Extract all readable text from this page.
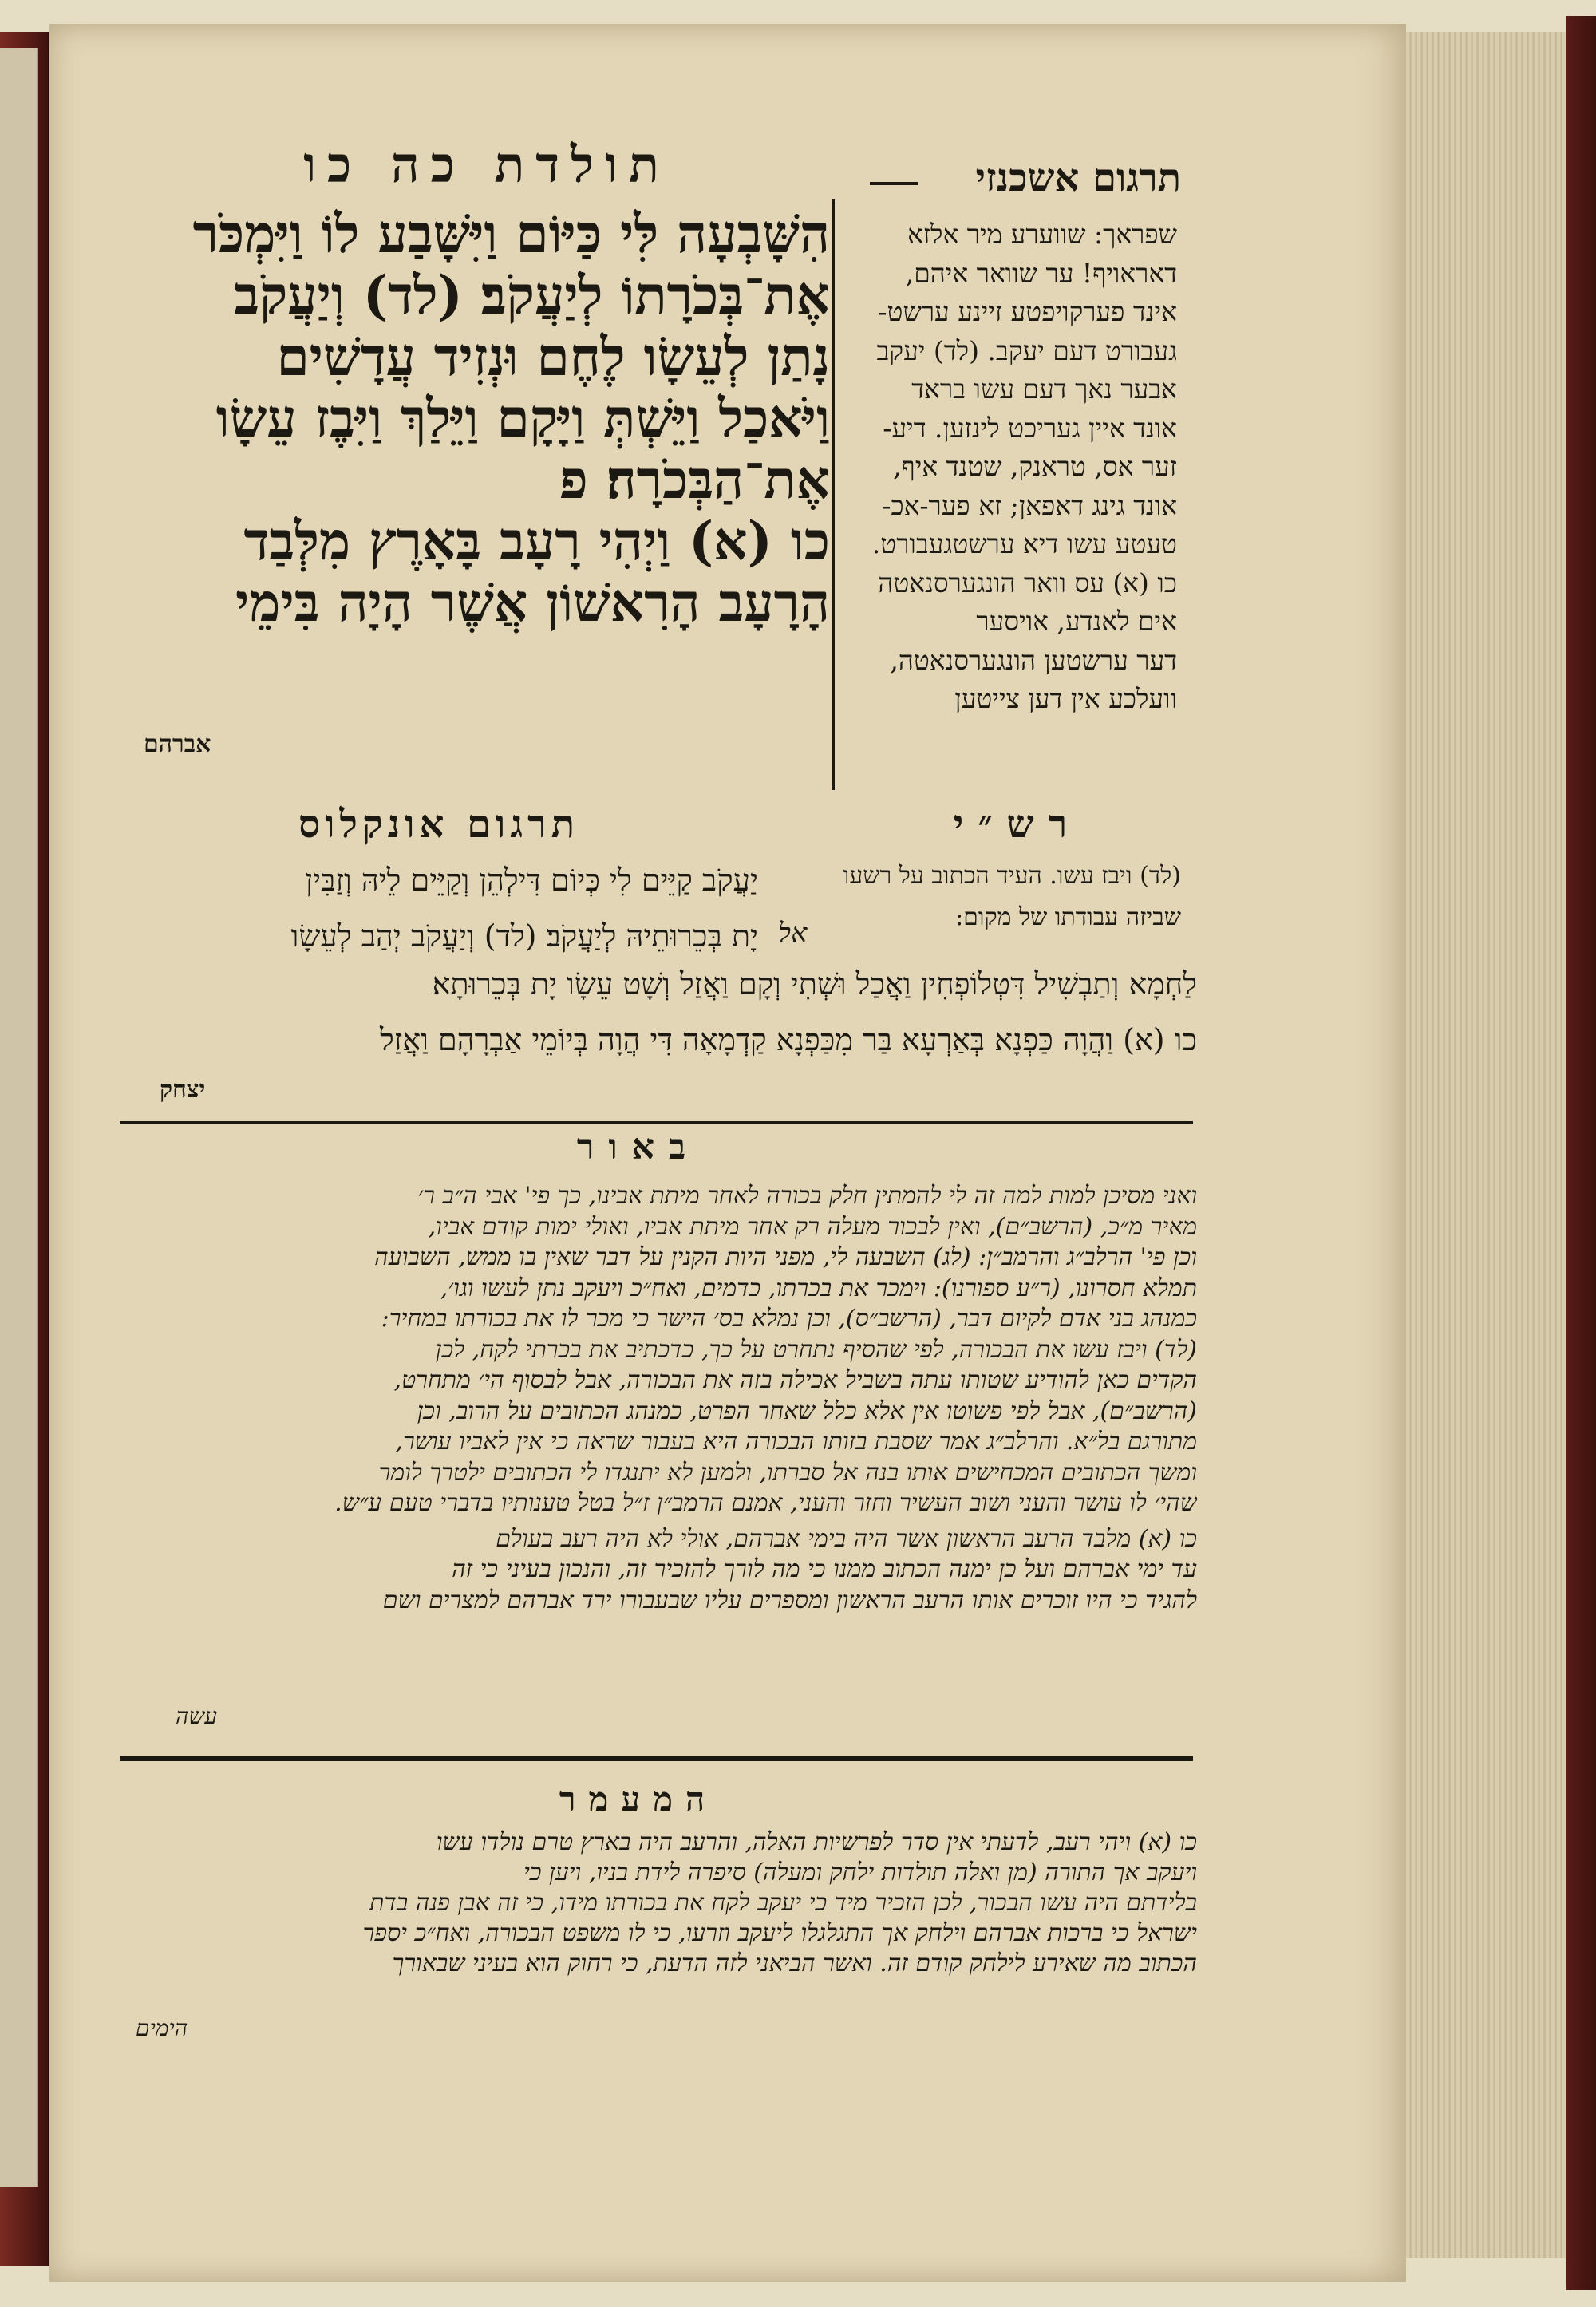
תולדת כה כו	תרגום אשכנזי
הִשָּׁבְעָה לִּי כַּיּוֹם וַיִּשָּׁבַע לוֹ וַיִּמְכֹּר
אֶת־בְּכֹרָתוֹ לְיַעֲקֹב׃ (לד) וְיַעֲקֹב
נָתַן לְעֵשָׂו לֶחֶם וּנְזִיד עֲדָשִׁים
וַיֹּאכַל וַיֵּשְׁתְּ וַיָּקָם וַיֵּלַךְ וַיִּבֶז עֵשָׂו
אֶת־הַבְּכֹרָה׃ פ
כו (א) וַיְהִי רָעָב בָּאָרֶץ מִלְּבַד
הָרָעָב הָרִאשׁוֹן אֲשֶׁר הָיָה בִּימֵי
אברהם
שפראך: שווערע מיר אלזא
דאראויף! ער שוואר איהם,
אינד פערקויפטע זיינע ערשט-
געבורט דעם יעקב. (לד) יעקב
אבער נאך דעם עשו בראד
אונד איין געריכט לינזען. דיע-
זער אס, טראנק, שטנד איף,
אונד גינג דאפאן; זא פער-אכ-
טעטע עשו דיא ערשטגעבורט.
כו (א) עס וואר הונגערסנאטה
אים לאנדע, אויסער
דער ערשטען הונגערסנאטה,
וועלכע אין דען צייטען
תרגום אונקלוס	רש״י
יַעֲקֹב קַיֵּים לִי כְּיוֹם דִּילְהֵן וְקַיֵּים לֵיהּ וְזַבִּין
יָת בְּכֵרוּתֵיהּ לְיַעֲקֹב׃ (לד) וְיַעֲקֹב יְהַב לְעֵשָׂו
לַחְמָא וְתַבְשִׁיל דִּטְלוֹפְחִין וַאֲכַל וּשְׁתִי וְקָם וַאֲזַל וְשָׁט עֵשָׂו יָת בְּכֵרוּתָא׃
כו (א) וַהֲוָה כַּפְנָא בְּאַרְעָא בַּר מִכַּפְנָא קַדְמָאָה דִּי הֲוָה בְּיוֹמֵי אַבְרָהָם וַאֲזַל
יצחק
(לד) ויבז עשו. העיד הכתוב על רשעו
שביזה עבודתו של מקום:
אל
באור
ואני מסיכן למות למה זה לי להמתין חלק בכורה לאחר מיתת אבינו, כך פי' אבי ה״ב ר׳
מאיר מ״כ, (הרשב״ם), ואין לבכור מעלה רק אחר מיתת אביו, ואולי ימות קודם אביו,
וכן פי' הרלב״ג והרמב״ן: (לג) השבעה לי, מפני היות הקנין על דבר שאין בו ממש, השבועה
תמלא חסרונו, (ר״ע ספורנו): וימכר את בכרתו, כדמים, ואח״כ ויעקב נתן לעשו וגו׳,
כמנהג בני אדם לקיום דבר, (הרשב״ס), וכן נמלא בס׳ הישר כי מכר לו את בכורתו במחיר:
(לד) ויבז עשו את הבכורה, לפי שהסיף נתחרט על כך, כדכתיב את בכרתי לקח, לכן
הקדים כאן להודיע שטותו עתה בשביל אכילה בזה את הבכורה, אבל לבסוף הי׳ מתחרט,
(הרשב״ם), אבל לפי פשוטו אין אלא כלל שאחר הפרט, כמנהג הכתובים על הרוב, וכן
מתורגם בל״א. והרלב״ג אמר שסבת בזותו הבכורה היא בעבור שראה כי אין לאביו עושר,
ומשך הכתובים המכחישים אותו בנה אל סברתו, ולמען לא יתנגדו לי הכתובים ילטרך לומר
שהי׳ לו עושר והעני ושוב העשיר וחזר והעני, אמנם הרמב״ן ז״ל בטל טענותיו בדברי טעם ע״ש.
כו (א) מלבד הרעב הראשון אשר היה בימי אברהם, אולי לא היה רעב בעולם
עד ימי אברהם ועל כן ימנה הכתוב ממנו כי מה לורך להזכיר זה, והנכון בעיני כי זה
להגיד כי היו זוכרים אותו הרעב הראשון ומספרים עליו שבעבורו ירד אברהם למצרים ושם
עשה
המעמר
כו (א) ויהי רעב, לדעתי אין סדר לפרשיות האלה, והרעב היה בארץ טרם נולדו עשו
ויעקב אך התורה (מן ואלה תולדות ילחק ומעלה) סיפרה לידת בניו, ויען כי
בלידתם היה עשו הבכור, לכן הזכיר מיד כי יעקב לקח את בכורתו מידו, כי זה אבן פנה בדת
ישראל כי ברכות אברהם וילחק אך התגלגלו ליעקב וזרעו, כי לו משפט הבכורה, ואח״כ יספר
הכתוב מה שאירע לילחק קודם זה. ואשר הביאני לזה הדעת, כי רחוק הוא בעיני שבאורך
הימים
